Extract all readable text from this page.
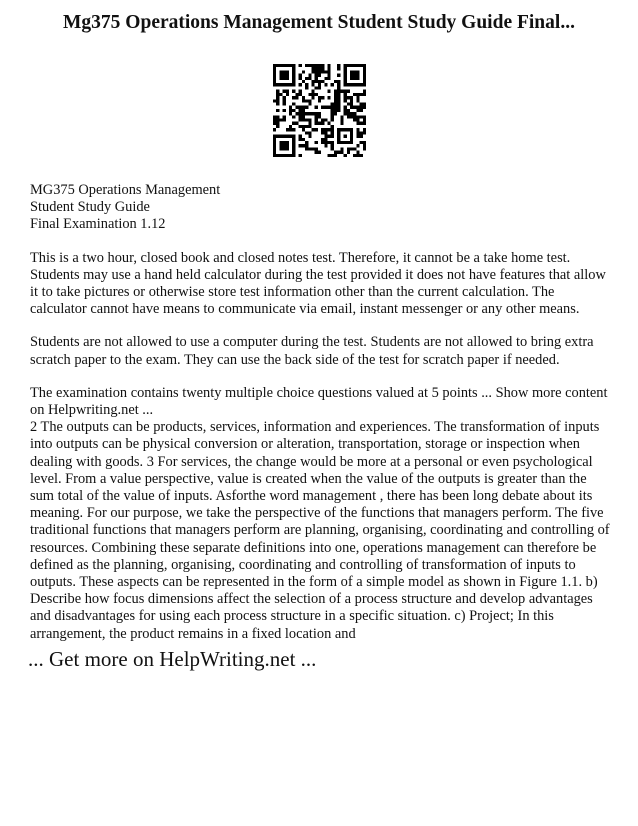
Mg375 Operations Management Student Study Guide Final...
MG375 Operations Management
Student Study Guide
Final Examination 1.12

This is a two hour, closed book and closed notes test. Therefore, it cannot be a take home test. Students may use a hand held calculator during the test provided it does not have features that allow it to take pictures or otherwise store test information other than the current calculation. The calculator cannot have means to communicate via email, instant messenger or any other means.

Students are not allowed to use a computer during the test. Students are not allowed to bring extra scratch paper to the exam. They can use the back side of the test for scratch paper if needed.

The examination contains twenty multiple choice questions valued at 5 points ... Show more content on Helpwriting.net ...

2 The outputs can be products, services, information and experiences. The transformation of inputs into outputs can be physical conversion or alteration, transportation, storage or inspection when dealing with goods. 3 For services, the change would be more at a personal or even psychological level. From a value perspective, value is created when the value of the outputs is greater than the sum total of the value of inputs. Asforthe word management , there has been long debate about its meaning. For our purpose, we take the perspective of the functions that managers perform. The five traditional functions that managers perform are planning, organising, coordinating and controlling of resources. Combining these separate definitions into one, operations management can therefore be defined as the planning, organising, coordinating and controlling of transformation of inputs to outputs. These aspects can be represented in the form of a simple model as shown in Figure 1.1. b) Describe how focus dimensions affect the selection of a process structure and develop advantages and disadvantages for using each process structure in a specific situation. c) Project; In this arrangement, the product remains in a fixed location and

... Get more on HelpWriting.net ...
